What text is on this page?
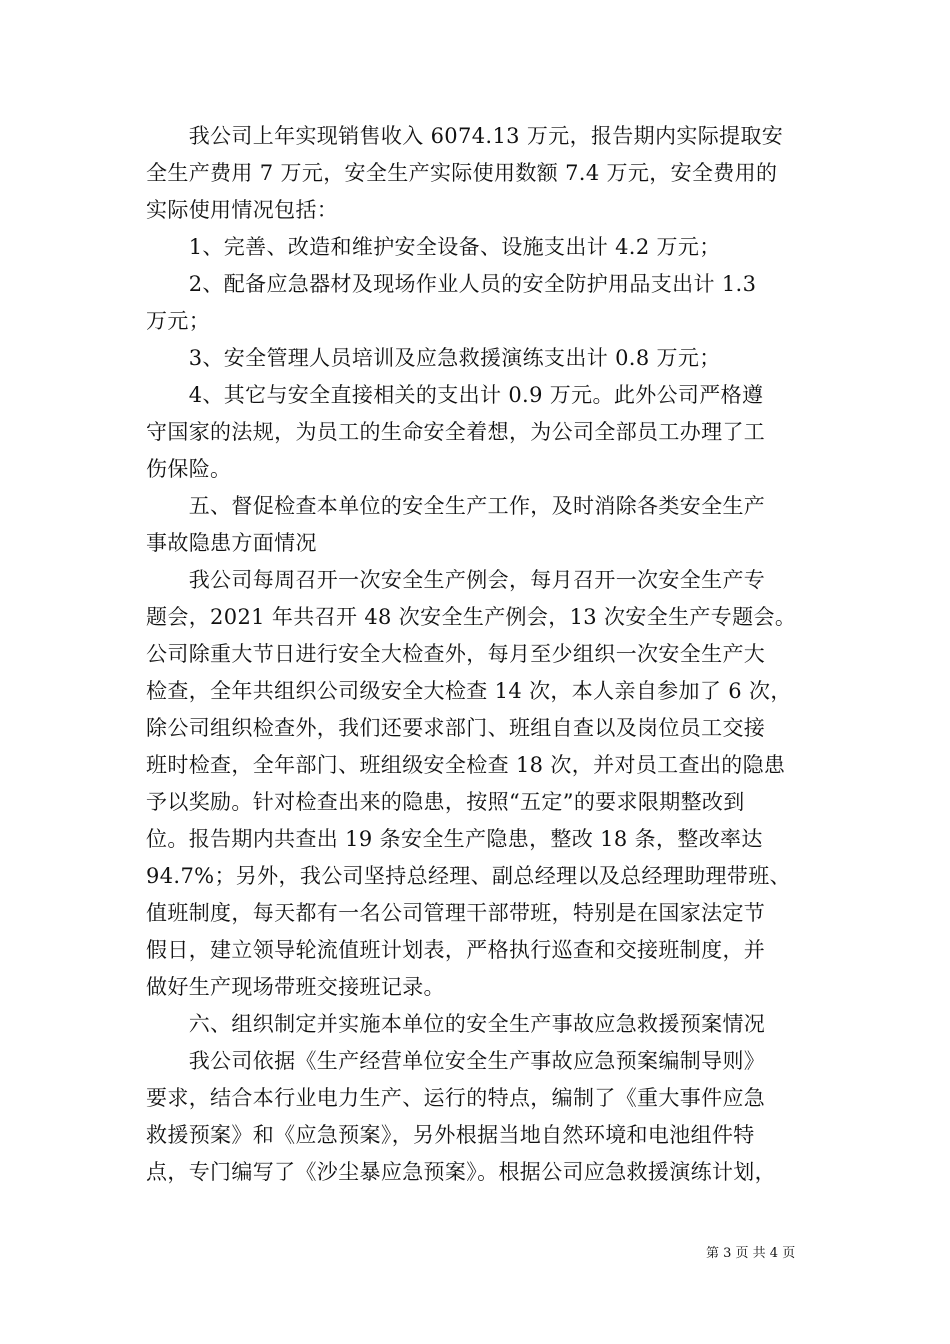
　　我公司上年实现销售收入 6074.13 万元，报告期内实际提取安
全生产费用 7 万元，安全生产实际使用数额 7.4 万元，安全费用的
实际使用情况包括：
　　1、完善、改造和维护安全设备、设施支出计 4.2 万元；
　　2、配备应急器材及现场作业人员的安全防护用品支出计 1.3
万元；
　　3、安全管理人员培训及应急救援演练支出计 0.8 万元；
　　4、其它与安全直接相关的支出计 0.9 万元。此外公司严格遵
守国家的法规，为员工的生命安全着想，为公司全部员工办理了工
伤保险。
　　五、督促检查本单位的安全生产工作，及时消除各类安全生产
事故隐患方面情况
　　我公司每周召开一次安全生产例会，每月召开一次安全生产专
题会，2021 年共召开 48 次安全生产例会，13 次安全生产专题会。
公司除重大节日进行安全大检查外，每月至少组织一次安全生产大
检查，全年共组织公司级安全大检查 14 次，本人亲自参加了 6 次，
除公司组织检查外，我们还要求部门、班组自查以及岗位员工交接
班时检查，全年部门、班组级安全检查 18 次，并对员工查出的隐患
予以奖励。针对检查出来的隐患，按照“五定”的要求限期整改到
位。报告期内共查出 19 条安全生产隐患，整改 18 条，整改率达
94.7%；另外，我公司坚持总经理、副总经理以及总经理助理带班、
值班制度，每天都有一名公司管理干部带班，特别是在国家法定节
假日，建立领导轮流值班计划表，严格执行巡查和交接班制度，并
做好生产现场带班交接班记录。
　　六、组织制定并实施本单位的安全生产事故应急救援预案情况
　　我公司依据《生产经营单位安全生产事故应急预案编制导则》
要求，结合本行业电力生产、运行的特点，编制了《重大事件应急
救援预案》和《应急预案》，另外根据当地自然环境和电池组件特
点，专门编写了《沙尘暴应急预案》。根据公司应急救援演练计划，
第 3 页 共 4 页
